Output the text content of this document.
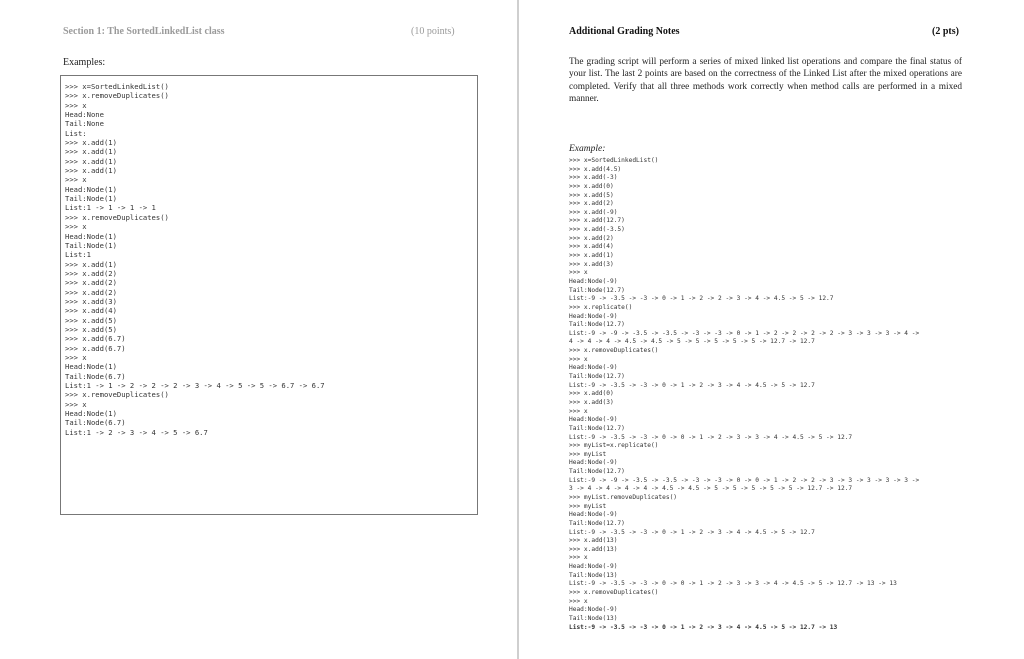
Section 1: The SortedLinkedList class	(10 points)
Examples:
>>> x=SortedLinkedList()
>>> x.removeDuplicates()
>>> x
Head:None
Tail:None
List:
>>> x.add(1)
>>> x.add(1)
>>> x.add(1)
>>> x.add(1)
>>> x
Head:Node(1)
Tail:Node(1)
List:1 -> 1 -> 1 -> 1
>>> x.removeDuplicates()
>>> x
Head:Node(1)
Tail:Node(1)
List:1
>>> x.add(1)
>>> x.add(2)
>>> x.add(2)
>>> x.add(2)
>>> x.add(3)
>>> x.add(4)
>>> x.add(5)
>>> x.add(5)
>>> x.add(6.7)
>>> x.add(6.7)
>>> x
Head:Node(1)
Tail:Node(6.7)
List:1 -> 1 -> 2 -> 2 -> 2 -> 3 -> 4 -> 5 -> 5 -> 6.7 -> 6.7
>>> x.removeDuplicates()
>>> x
Head:Node(1)
Tail:Node(6.7)
List:1 -> 2 -> 3 -> 4 -> 5 -> 6.7
Additional Grading Notes	(2 pts)
The grading script will perform a series of mixed linked list operations and compare the final status of your list. The last 2 points are based on the correctness of the Linked List after the mixed operations are completed. Verify that all three methods work correctly when method calls are performed in a mixed manner.
Example:
>>> x=SortedLinkedList()
>>> x.add(4.5)
>>> x.add(-3)
>>> x.add(0)
>>> x.add(5)
>>> x.add(2)
>>> x.add(-9)
>>> x.add(12.7)
>>> x.add(-3.5)
>>> x.add(2)
>>> x.add(4)
>>> x.add(1)
>>> x.add(3)
>>> x
Head:Node(-9)
Tail:Node(12.7)
List:-9 -> -3.5 -> -3 -> 0 -> 1 -> 2 -> 2 -> 3 -> 4 -> 4.5 -> 5 -> 12.7
>>> x.replicate()
Head:Node(-9)
Tail:Node(12.7)
List:-9 -> -9 -> -3.5 -> -3.5 -> -3 -> -3 -> 0 -> 1 -> 2 -> 2 -> 2 -> 2 -> 3 -> 3 -> 3 -> 4 ->
4 -> 4 -> 4 -> 4.5 -> 4.5 -> 5 -> 5 -> 5 -> 5 -> 5 -> 12.7 -> 12.7
>>> x.removeDuplicates()
>>> x
Head:Node(-9)
Tail:Node(12.7)
List:-9 -> -3.5 -> -3 -> 0 -> 1 -> 2 -> 3 -> 4 -> 4.5 -> 5 -> 12.7
>>> x.add(0)
>>> x.add(3)
>>> x
Head:Node(-9)
Tail:Node(12.7)
List:-9 -> -3.5 -> -3 -> 0 -> 0 -> 1 -> 2 -> 3 -> 3 -> 4 -> 4.5 -> 5 -> 12.7
>>> myList=x.replicate()
>>> myList
Head:Node(-9)
Tail:Node(12.7)
List:-9 -> -9 -> -3.5 -> -3.5 -> -3 -> -3 -> 0 -> 0 -> 1 -> 2 -> 2 -> 3 -> 3 -> 3 -> 3 -> 3 ->
3 -> 4 -> 4 -> 4 -> 4 -> 4.5 -> 4.5 -> 5 -> 5 -> 5 -> 5 -> 5 -> 12.7 -> 12.7
>>> myList.removeDuplicates()
>>> myList
Head:Node(-9)
Tail:Node(12.7)
List:-9 -> -3.5 -> -3 -> 0 -> 1 -> 2 -> 3 -> 4 -> 4.5 -> 5 -> 12.7
>>> x.add(13)
>>> x.add(13)
>>> x
Head:Node(-9)
Tail:Node(13)
List:-9 -> -3.5 -> -3 -> 0 -> 0 -> 1 -> 2 -> 3 -> 3 -> 4 -> 4.5 -> 5 -> 12.7 -> 13 -> 13
>>> x.removeDuplicates()
>>> x
Head:Node(-9)
Tail:Node(13)
List:-9 -> -3.5 -> -3 -> 0 -> 1 -> 2 -> 3 -> 4 -> 4.5 -> 5 -> 12.7 -> 13
